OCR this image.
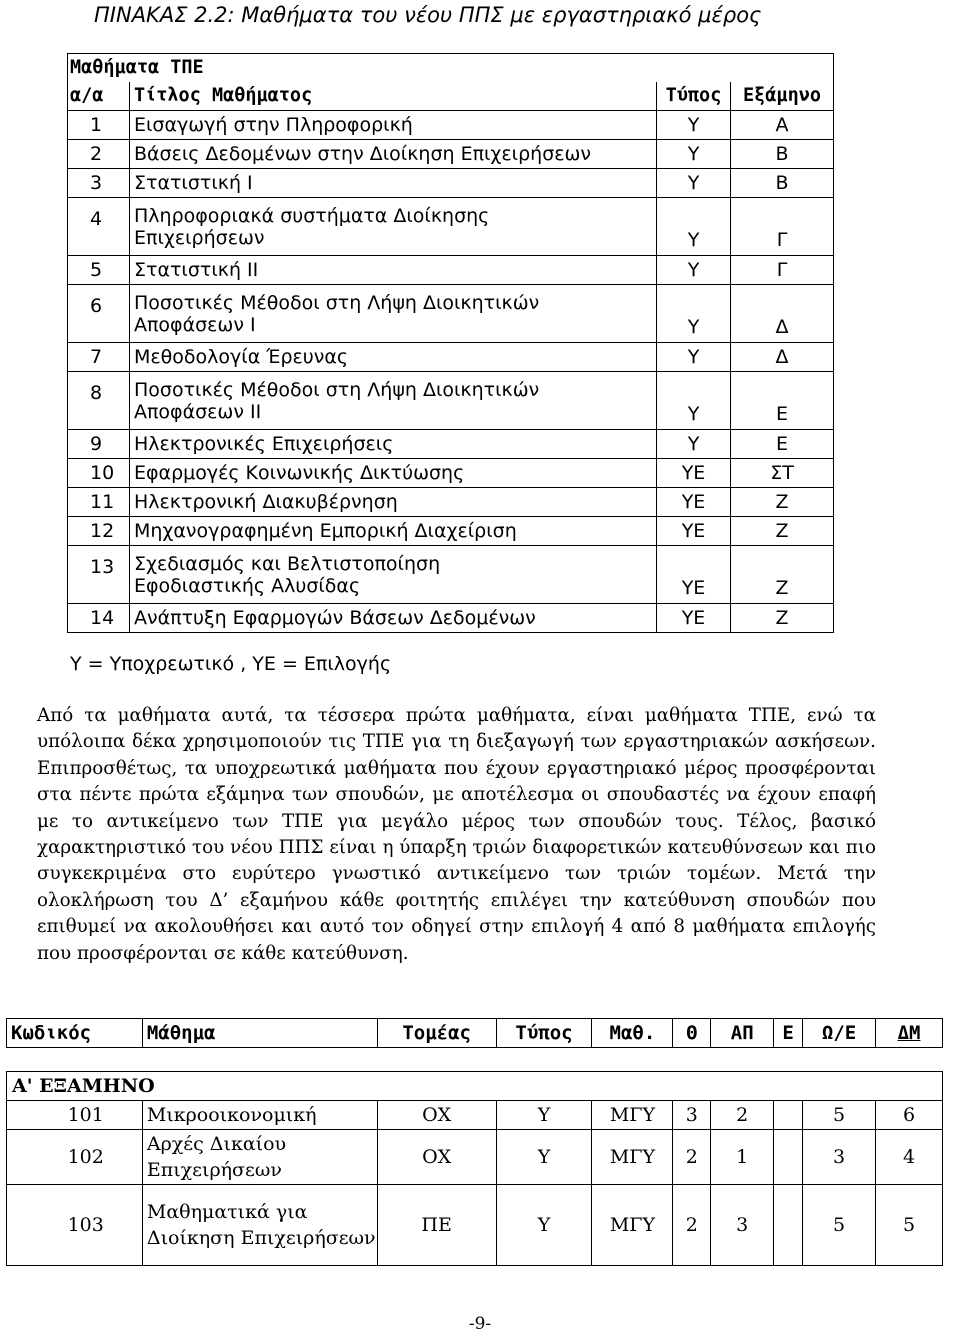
ΠΙΝΑΚΑΣ 2.2: Μαθήματα του νέου ΠΠΣ με εργαστηριακό μέρος
Μαθήματα ΤΠΕ			
α/α	Τίτλος Μαθήματος	Τύπος	Εξάμηνο
1	Εισαγωγή στην Πληροφορική	Υ	Α
2	Βάσεις Δεδομένων στην Διοίκηση Επιχειρήσεων	Υ	Β
3	Στατιστική Ι	Υ	Β
4	Πληροφοριακά συστήματα Διοίκησης Επιχειρήσεων	Υ	Γ
5	Στατιστική ΙΙ	Υ	Γ
6	Ποσοτικές Μέθοδοι στη Λήψη Διοικητικών Αποφάσεων Ι	Υ	Δ
7	Μεθοδολογία Έρευνας	Υ	Δ
8	Ποσοτικές Μέθοδοι στη Λήψη Διοικητικών Αποφάσεων ΙΙ	Υ	Ε
9	Ηλεκτρονικές Επιχειρήσεις	Υ	Ε
10	Εφαρμογές Κοινωνικής Δικτύωσης	ΥΕ	ΣΤ
11	Ηλεκτρονική Διακυβέρνηση	ΥΕ	Ζ
12	Μηχανογραφημένη Εμπορική Διαχείριση	ΥΕ	Ζ
13	Σχεδιασμός και Βελτιστοποίηση Εφοδιαστικής Αλυσίδας	ΥΕ	Ζ
14	Ανάπτυξη Εφαρμογών Βάσεων Δεδομένων	ΥΕ	Ζ
Υ = Υποχρεωτικό , ΥΕ = Επιλογής
Από τα μαθήματα αυτά, τα τέσσερα πρώτα μαθήματα, είναι μαθήματα ΤΠΕ, ενώ τα υπόλοιπα δέκα χρησιμοποιούν τις ΤΠΕ για τη διεξαγωγή των εργαστηριακών ασκήσεων. Επιπροσθέτως, τα υποχρεωτικά μαθήματα που έχουν εργαστηριακό μέρος προσφέρονται στα πέντε πρώτα εξάμηνα των σπουδών, με αποτέλεσμα οι σπουδαστές να έχουν επαφή με το αντικείμενο των ΤΠΕ για μεγάλο μέρος των σπουδών τους. Τέλος, βασικό χαρακτηριστικό του νέου ΠΠΣ είναι η ύπαρξη τριών διαφορετικών κατευθύνσεων και πιο συγκεκριμένα στο ευρύτερο γνωστικό αντικείμενο των τριών τομέων. Μετά την ολοκλήρωση του Δ’ εξαμήνου κάθε φοιτητής επιλέγει την κατεύθυνση σπουδών που επιθυμεί να ακολουθήσει και αυτό τον οδηγεί στην επιλογή 4 από 8 μαθήματα επιλογής που προσφέρονται σε κάθε κατεύθυνση.
Κωδικός	Μάθημα	Τομέας	Τύπος	Μαθ.	Θ	ΑΠ	Ε	Ω/Ε	ΔΜ

Α' ΕΞΑΜΗΝΟ									
101	Μικροοικονομική	ΟΧ	Υ	ΜΓΥ	3	2		5	6
102	Αρχές Δικαίου Επιχειρήσεων	ΟΧ	Υ	ΜΓΥ	2	1		3	4
103	Μαθηματικά για Διοίκηση Επιχειρήσεων	ΠΕ	Υ	ΜΓΥ	2	3		5	5
-9-
